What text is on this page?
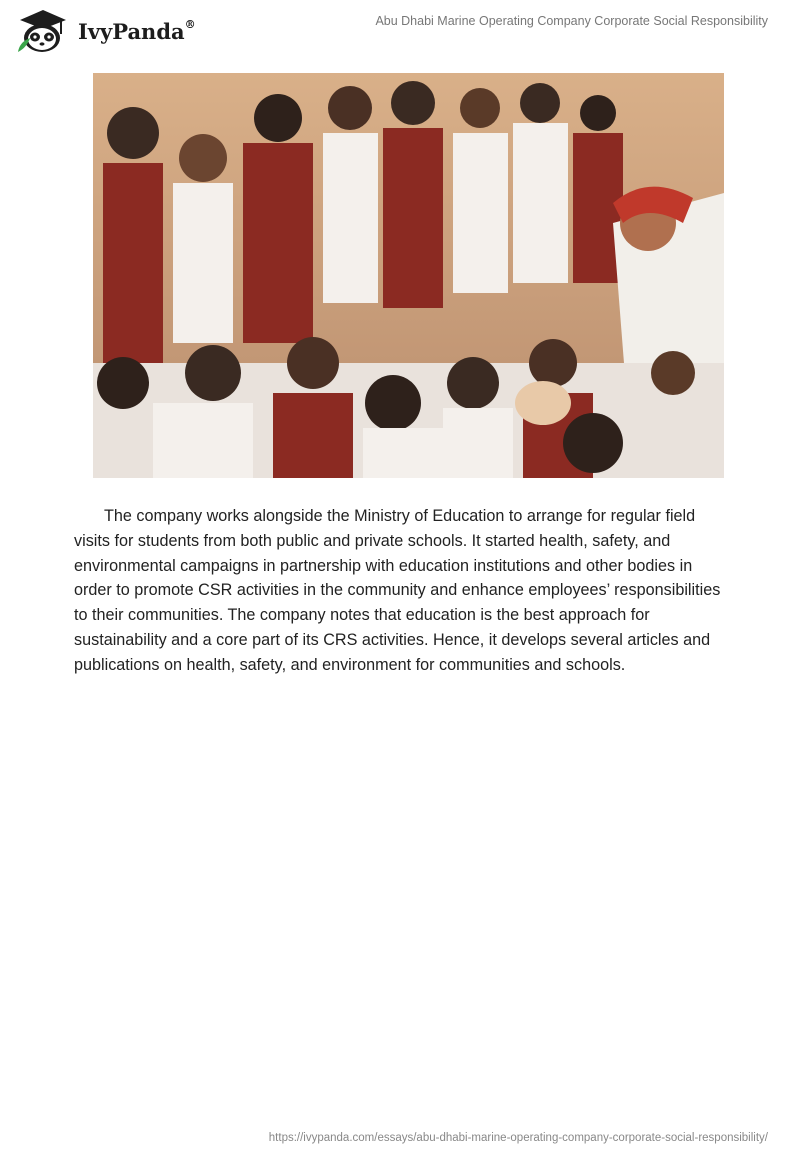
IvyPanda®	Abu Dhabi Marine Operating Company Corporate Social Responsibility

The company works alongside the Ministry of Education to arrange for regular field visits for students from both public and private schools. It started health, safety, and environmental campaigns in partnership with education institutions and other bodies in order to promote CSR activities in the community and enhance employees’ responsibilities to their communities. The company notes that education is the best approach for sustainability and a core part of its CRS activities. Hence, it develops several articles and publications on health, safety, and environment for communities and schools.

https://ivypanda.com/essays/abu-dhabi-marine-operating-company-corporate-social-responsibility/
